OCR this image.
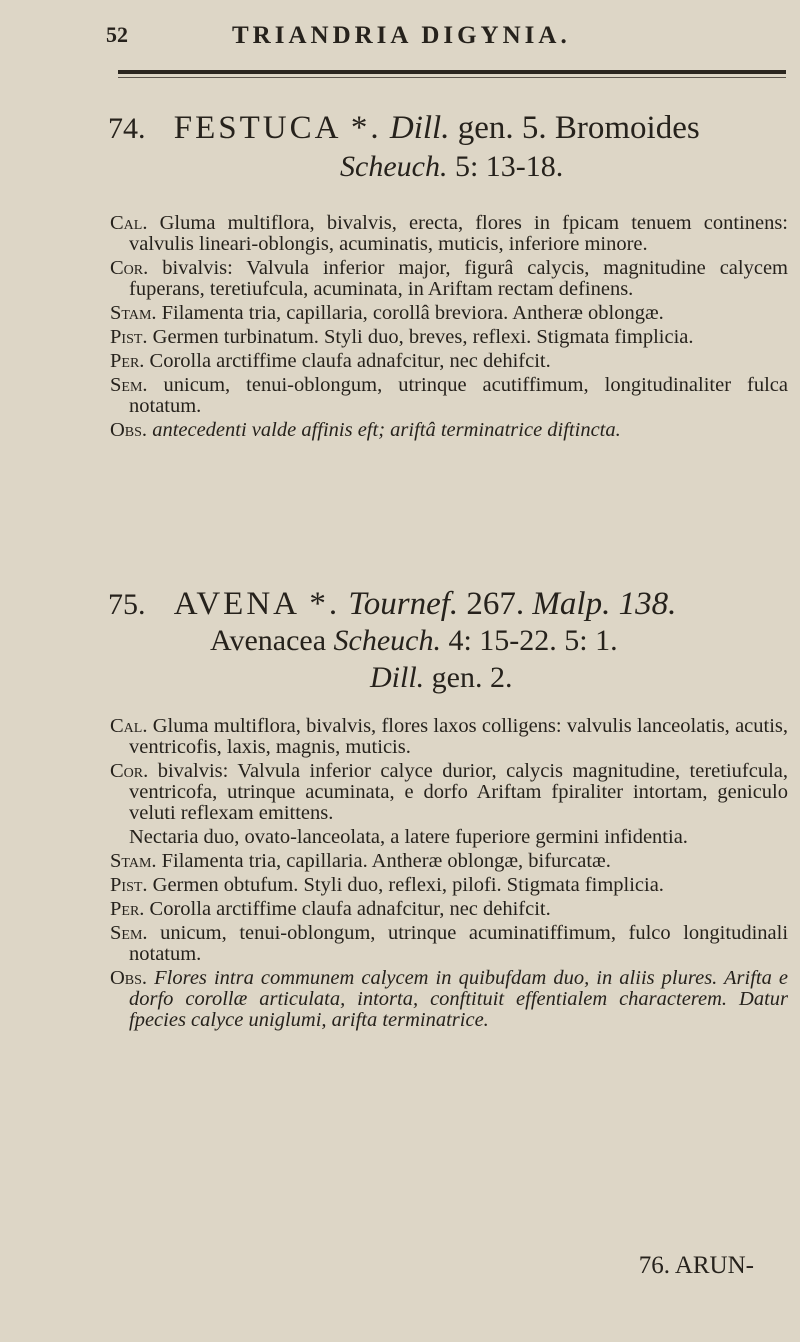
52	TRIANDRIA DIGYNIA.
74. FESTUCA *. Dill. gen. 5. Bromoides
Scheuch. 5: 13-18.

Cal. Gluma multiflora, bivalvis, erecta, flores in fpicam tenuem continens: valvulis lineari-oblongis, acuminatis, muticis, inferiore minore.

Cor. bivalvis: Valvula inferior major, figurâ calycis, magnitudine calycem fuperans, teretiufcula, acuminata, in Ariftam rectam definens.

Stam. Filamenta tria, capillaria, corollâ breviora. Antheræ oblongæ.

Pist. Germen turbinatum. Styli duo, breves, reflexi. Stigmata fimplicia.

Per. Corolla arctiffime claufa adnafcitur, nec dehifcit.

Sem. unicum, tenui-oblongum, utrinque acutiffimum, longitudinaliter fulca notatum.

Obs. antecedenti valde affinis eft; ariftâ terminatrice diftincta.

75. AVENA *. Tournef. 267. Malp. 138.
Avenacea Scheuch. 4: 15-22. 5: 1.
Dill. gen. 2.

Cal. Gluma multiflora, bivalvis, flores laxos colligens: valvulis lanceolatis, acutis, ventricofis, laxis, magnis, muticis.

Cor. bivalvis: Valvula inferior calyce durior, calycis magnitudine, teretiufcula, ventricofa, utrinque acuminata, e dorfo Ariftam fpiraliter intortam, geniculo veluti reflexam emittens.

Nectaria duo, ovato-lanceolata, a latere fuperiore germini infidentia.

Stam. Filamenta tria, capillaria. Antheræ oblongæ, bifurcatæ.

Pist. Germen obtufum. Styli duo, reflexi, pilofi. Stigmata fimplicia.

Per. Corolla arctiffime claufa adnafcitur, nec dehifcit.

Sem. unicum, tenui-oblongum, utrinque acuminatiffimum, fulco longitudinali notatum.

Obs. Flores intra communem calycem in quibufdam duo, in aliis plures. Arifta e dorfo corollæ articulata, intorta, conftituit effentialem characterem. Datur fpecies calyce uniglumi, arifta terminatrice.

76. ARUN-
